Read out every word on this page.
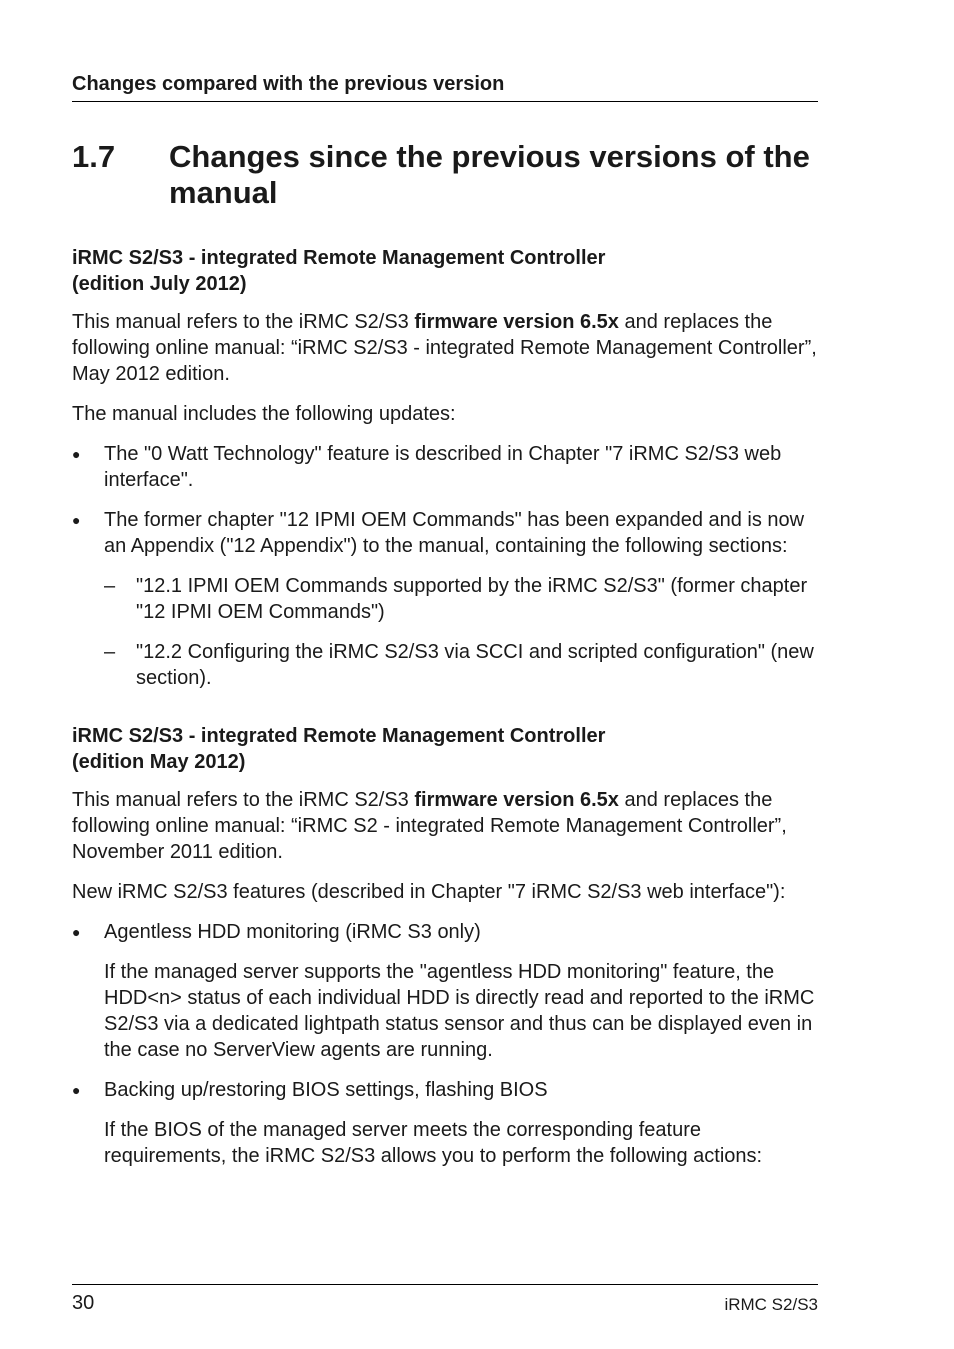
Changes compared with the previous version
1.7	Changes since the previous versions of the manual

iRMC S2/S3 - integrated Remote Management Controller
(edition July 2012)

This manual refers to the iRMC S2/S3 firmware version 6.5x and replaces the following online manual: “iRMC S2/S3 - integrated Remote Management Controller”, May 2012 edition.

The manual includes the following updates:

●	The "0 Watt Technology" feature is described in Chapter "7 iRMC S2/S3 web interface".
●	The former chapter "12 IPMI OEM Commands" has been expanded and is now an Appendix ("12 Appendix") to the manual, containing the following sections:
–	"12.1 IPMI OEM Commands supported by the iRMC S2/S3" (former chapter "12 IPMI OEM Commands")
–	"12.2 Configuring the iRMC S2/S3 via SCCI and scripted configuration" (new section).

iRMC S2/S3 - integrated Remote Management Controller
(edition May 2012)

This manual refers to the iRMC S2/S3 firmware version 6.5x and replaces the following online manual: “iRMC S2 - integrated Remote Management Controller”, November 2011 edition.

New iRMC S2/S3 features (described in Chapter "7 iRMC S2/S3 web interface"):

●	Agentless HDD monitoring (iRMC S3 only)

If the managed server supports the "agentless HDD monitoring" feature, the HDD<n> status of each individual HDD is directly read and reported to the iRMC S2/S3 via a dedicated lightpath status sensor and thus can be displayed even in the case no ServerView agents are running.

●	Backing up/restoring BIOS settings, flashing BIOS

If the BIOS of the managed server meets the corresponding feature requirements, the iRMC S2/S3 allows you to perform the following actions:

30	iRMC S2/S3
